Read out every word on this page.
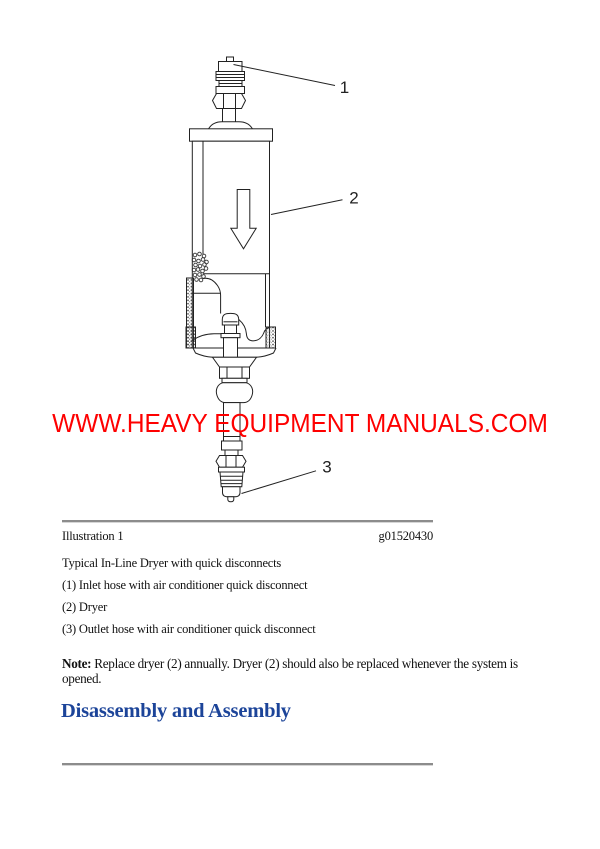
1
2
3
WWW.HEAVY EQUIPMENT MANUALS.COM
Illustration 1	g01520430
Typical In-Line Dryer with quick disconnects
(1) Inlet hose with air conditioner quick disconnect
(2) Dryer
(3) Outlet hose with air conditioner quick disconnect
Note: Replace dryer (2) annually. Dryer (2) should also be replaced whenever the system is opened.
Disassembly and Assembly
